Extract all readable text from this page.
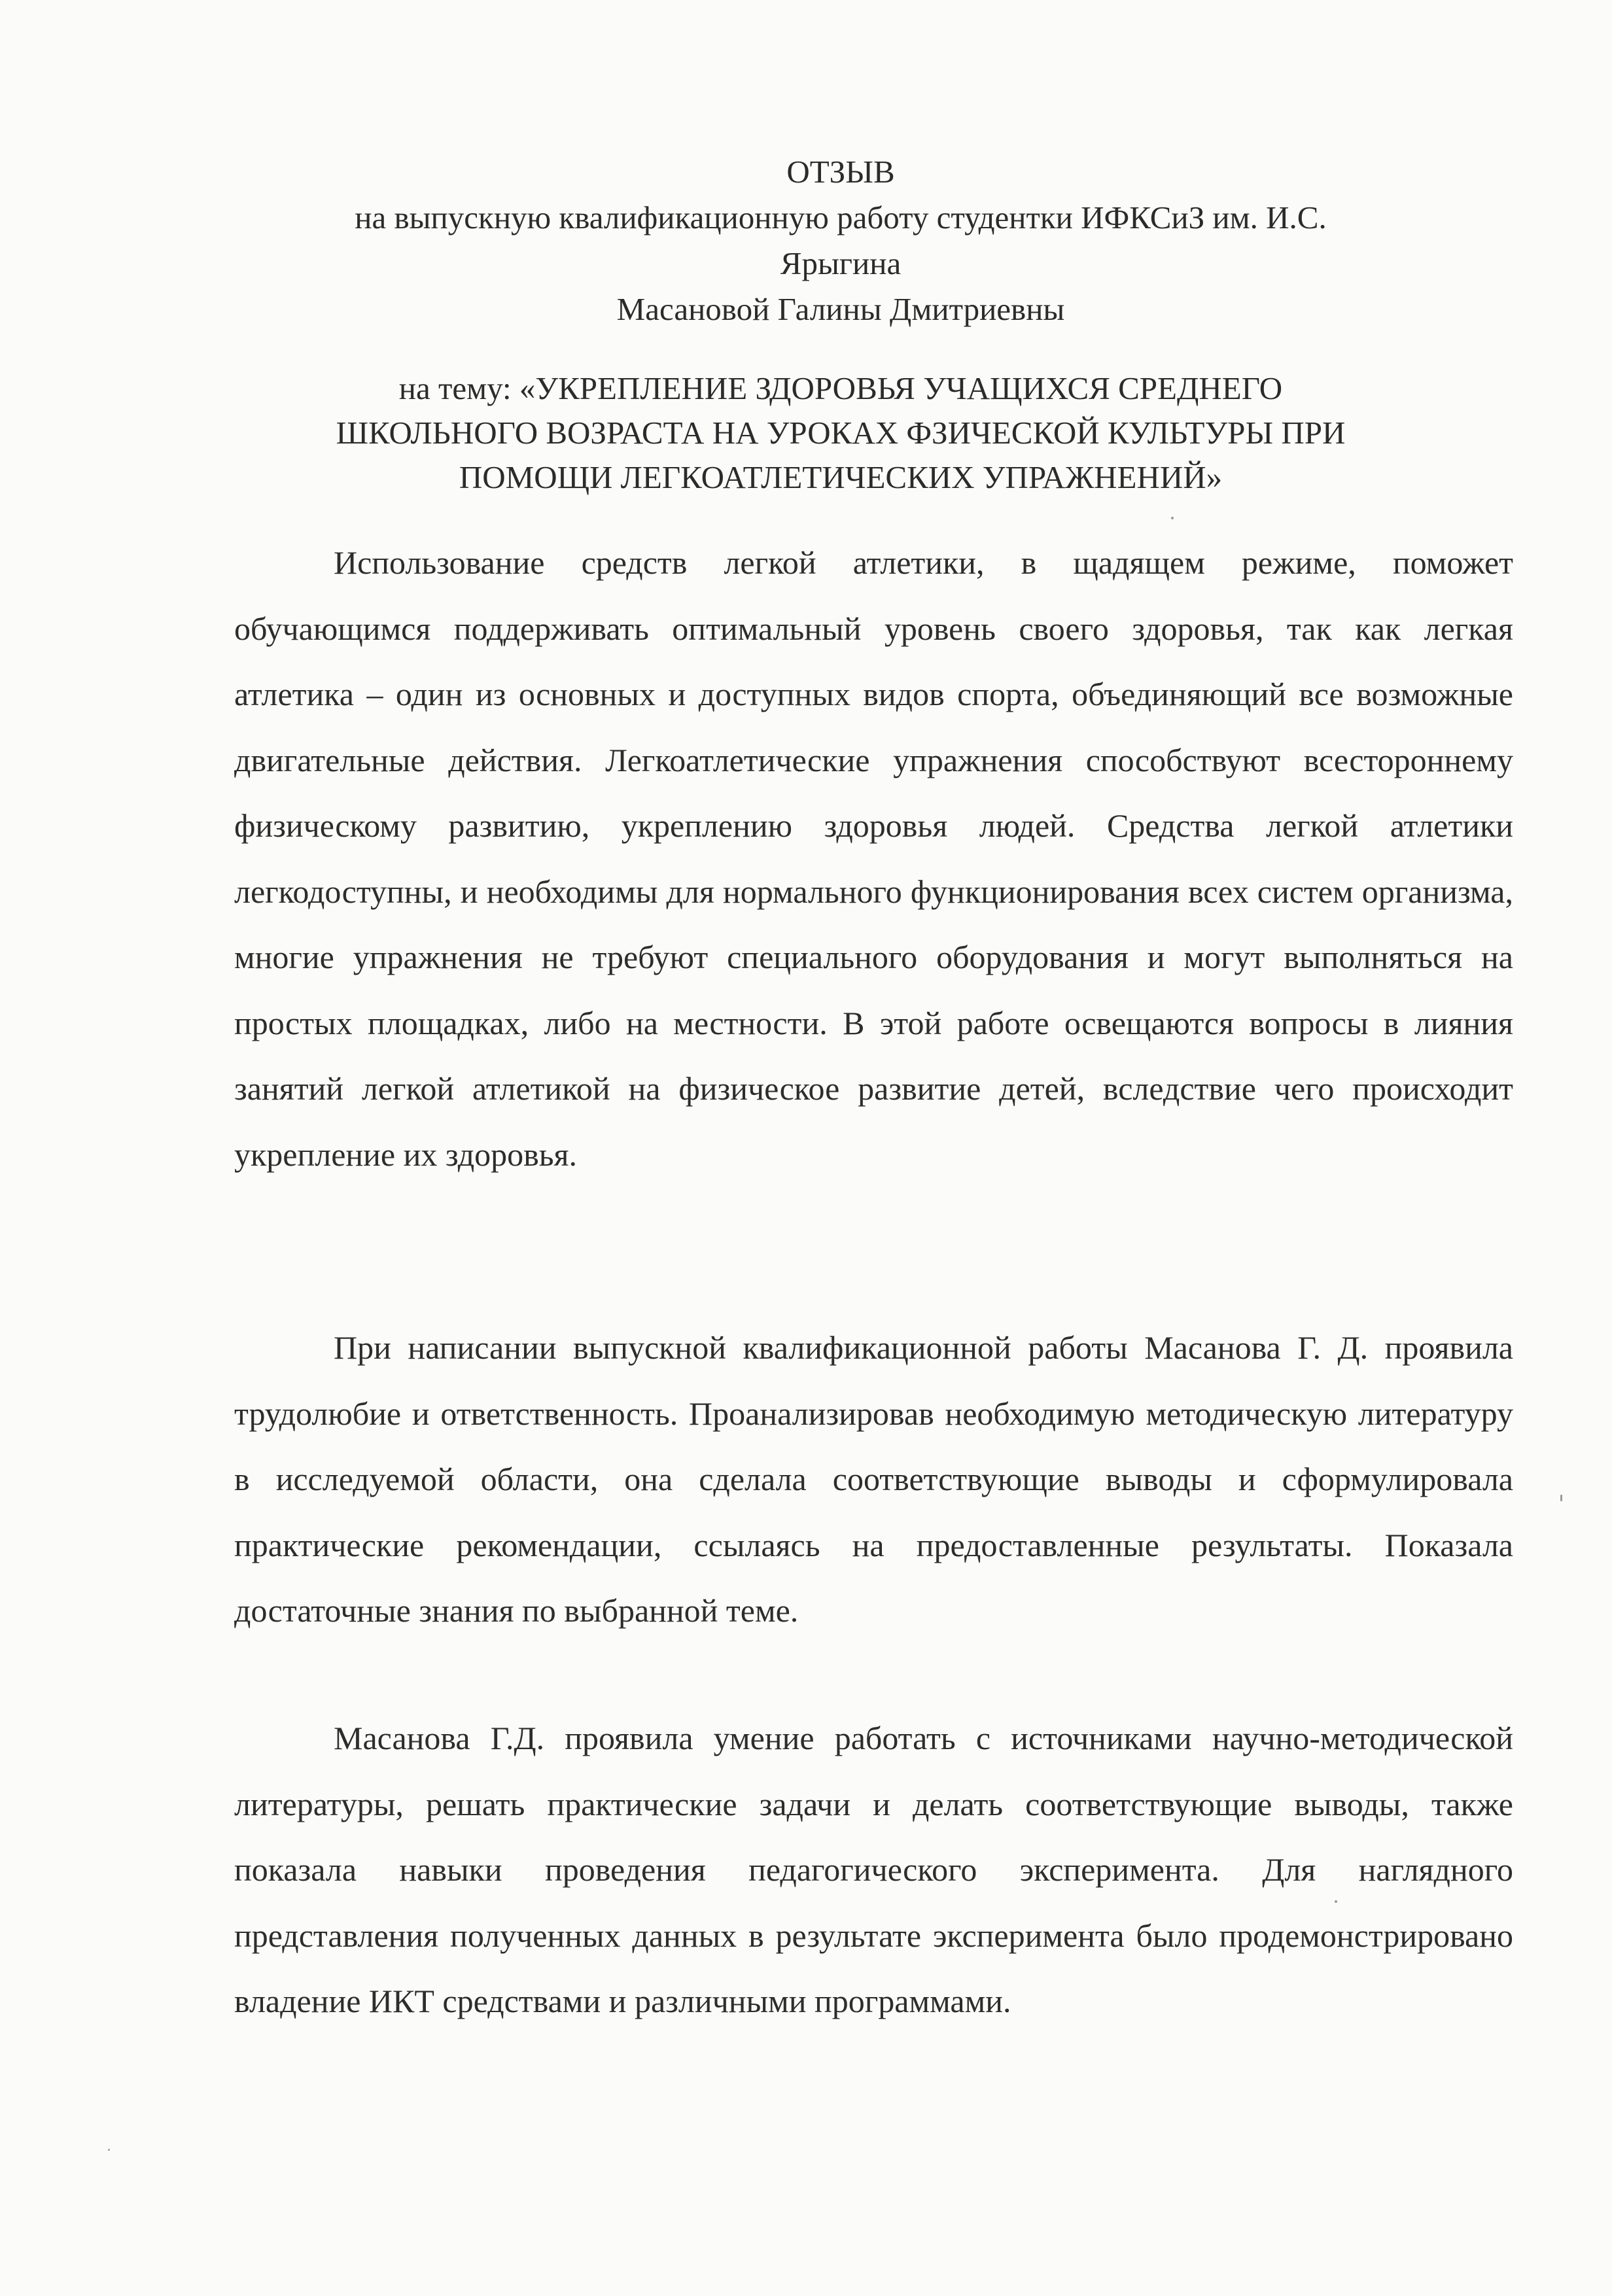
ОТЗЫВ
на выпускную квалификационную работу студентки ИФКСиЗ им. И.С.
Ярыгина
Масановой Галины Дмитриевны
на тему: «УКРЕПЛЕНИЕ ЗДОРОВЬЯ УЧАЩИХСЯ СРЕДНЕГО
ШКОЛЬНОГО ВОЗРАСТА НА УРОКАХ ФЗИЧЕСКОЙ КУЛЬТУРЫ ПРИ
ПОМОЩИ ЛЕГКОАТЛЕТИЧЕСКИХ УПРАЖНЕНИЙ»

Использование средств легкой атлетики, в щадящем режиме, поможет обучающимся поддерживать оптимальный уровень своего здоровья, так как легкая атлетика – один из основных и доступных видов спорта, объединяющий все возможные двигательные действия. Легкоатлетические упражнения способствуют всестороннему физическому развитию, укреплению здоровья людей. Средства легкой атлетики легкодоступны, и необходимы для нормального функционирования всех систем организма, многие упражнения не требуют специального оборудования и могут выполняться на простых площадках, либо на местности. В этой работе освещаются вопросы в лияния занятий легкой атлетикой на физическое развитие детей, вследствие чего происходит укрепление их здоровья.

При написании выпускной квалификационной работы Масанова Г. Д. проявила трудолюбие и ответственность. Проанализировав необходимую методическую литературу в исследуемой области, она сделала соответствующие выводы и сформулировала практические рекомендации, ссылаясь на предоставленные результаты. Показала достаточные знания по выбранной теме.

Масанова Г.Д. проявила умение работать с источниками научно-методической литературы, решать практические задачи и делать соответствующие выводы, также показала навыки проведения педагогического эксперимента. Для наглядного представления полученных данных в результате эксперимента было продемонстрировано владение ИКТ средствами и различными программами.
